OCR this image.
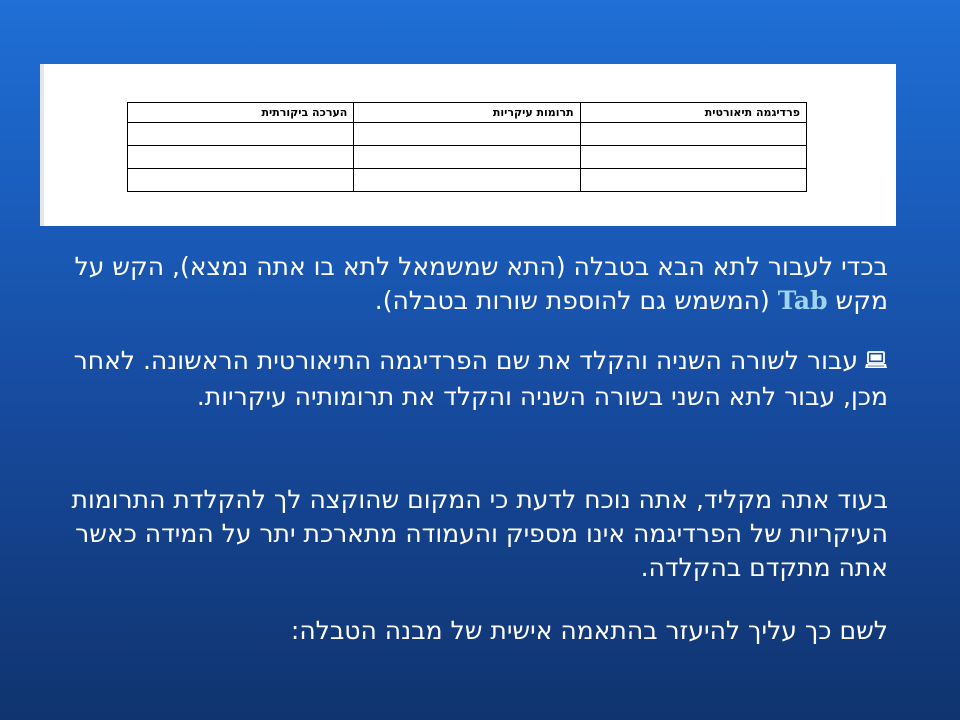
פרדיגמה תיאורטית	תרומות עיקריות	הערכה ביקורתית

בכדי לעבור לתא הבא בטבלה (התא שמשמאל לתא בו אתה נמצא), הקש על מקש Tab (המשמש גם להוספת שורות בטבלה).
עבור לשורה השניה והקלד את שם הפרדיגמה התיאורטית הראשונה. לאחר מכן, עבור לתא השני בשורה השניה והקלד את תרומותיה עיקריות.
בעוד אתה מקליד, אתה נוכח לדעת כי המקום שהוקצה לך להקלדת התרומות העיקריות של הפרדיגמה אינו מספיק והעמודה מתארכת יתר על המידה כאשר אתה מתקדם בהקלדה.
לשם כך עליך להיעזר בהתאמה אישית של מבנה הטבלה:
